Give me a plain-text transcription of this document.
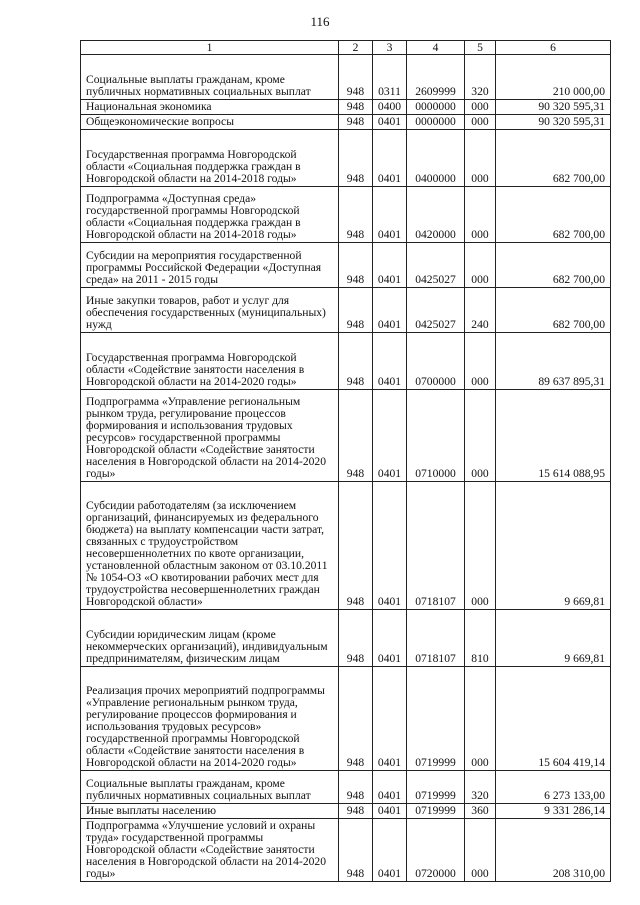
116
1	2	3	4	5	6
Социальные выплаты гражданам, кроме публичных нормативных социальных выплат	948	0311	2609999	320	210 000,00
Национальная экономика	948	0400	0000000	000	90 320 595,31
Общеэкономические вопросы	948	0401	0000000	000	90 320 595,31
Государственная программа Новгородской области «Социальная поддержка граждан в Новгородской области на 2014-2018 годы»	948	0401	0400000	000	682 700,00
Подпрограмма «Доступная среда» государственной программы Новгородской области «Социальная поддержка граждан в Новгородской области на 2014-2018 годы»	948	0401	0420000	000	682 700,00
Субсидии на мероприятия государственной программы Российской Федерации «Доступная среда» на 2011 - 2015 годы	948	0401	0425027	000	682 700,00
Иные закупки товаров, работ и услуг для обеспечения государственных (муниципальных) нужд	948	0401	0425027	240	682 700,00
Государственная программа Новгородской области «Содействие занятости населения в Новгородской области на 2014-2020 годы»	948	0401	0700000	000	89 637 895,31
Подпрограмма «Управление региональным рынком труда, регулирование процессов формирования и использования трудовых ресурсов» государственной программы Новгородской области «Содействие занятости населения в Новгородской области на 2014-2020 годы»	948	0401	0710000	000	15 614 088,95
Субсидии работодателям (за исключением организаций, финансируемых из федерального бюджета) на выплату компенсации части затрат, связанных с трудоустройством несовершеннолетних по квоте организации, установленной областным законом от 03.10.2011 № 1054-ОЗ «О квотировании рабочих мест для трудоустройства несовершеннолетних граждан Новгородской области»	948	0401	0718107	000	9 669,81
Субсидии юридическим лицам (кроме некоммерческих организаций), индивидуальным предпринимателям, физическим лицам	948	0401	0718107	810	9 669,81
Реализация прочих мероприятий подпрограммы «Управление региональным рынком труда, регулирование процессов формирования и использования трудовых ресурсов» государственной программы Новгородской области «Содействие занятости населения в Новгородской области на 2014-2020 годы»	948	0401	0719999	000	15 604 419,14
Социальные выплаты гражданам, кроме публичных нормативных социальных выплат	948	0401	0719999	320	6 273 133,00
Иные выплаты населению	948	0401	0719999	360	9 331 286,14
Подпрограмма «Улучшение условий и охраны труда» государственной программы Новгородской области «Содействие занятости населения в Новгородской области на 2014-2020 годы»	948	0401	0720000	000	208 310,00
